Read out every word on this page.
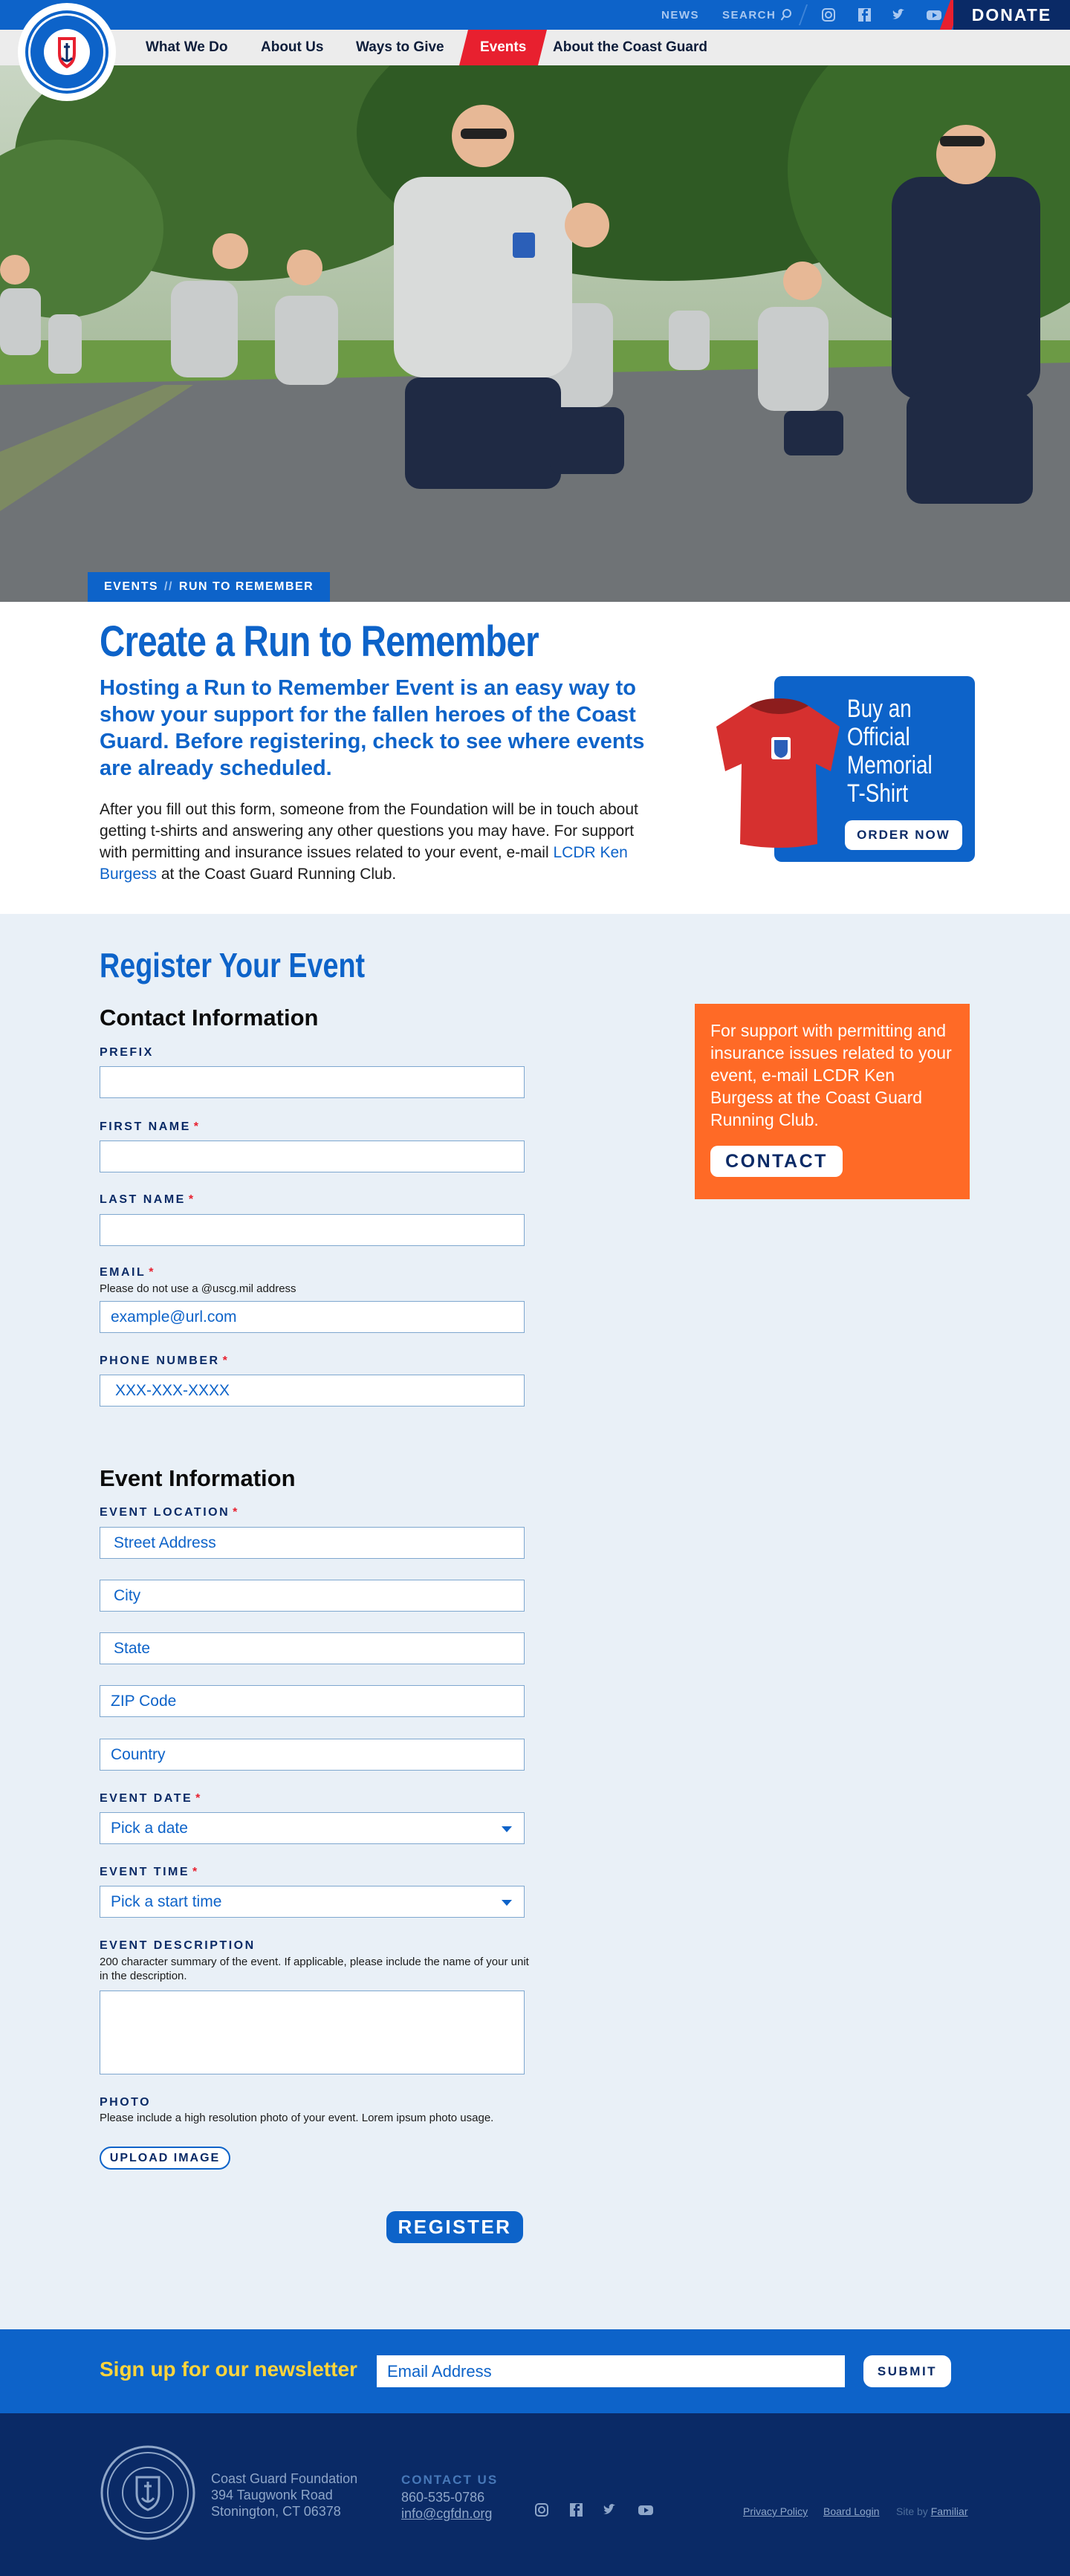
NEWS SEARCH	DONATE
What We Do About Us Ways to Give	Events About the Coast Guard
EVENTS // RUN TO REMEMBER
Create a Run to Remember

Hosting a Run to Remember Event is an easy way to show your support for the fallen heroes of the Coast Guard. Before registering, check to see where events are already scheduled.

After you fill out this form, someone from the Foundation will be in touch about getting t-shirts and answering any other questions you may have. For support with permitting and insurance issues related to your event, e-mail LCDR Ken Burgess at the Coast Guard Running Club.

Buy an Official Memorial T-Shirt
ORDER NOW
Register Your Event
Contact Information
PREFIX
FIRST NAME *
LAST NAME *
EMAIL *
Please do not use a @uscg.mil address
example@url.com
PHONE NUMBER *
XXX-XXX-XXXX
Event Information
EVENT LOCATION *
Street Address
City
State
ZIP Code
Country
EVENT DATE *
Pick a date
EVENT TIME *
Pick a start time
EVENT DESCRIPTION
200 character summary of the event. If applicable, please include the name of your unit in the description.
PHOTO
Please include a high resolution photo of your event. Lorem ipsum photo usage.
UPLOAD IMAGE
REGISTER
For support with permitting and insurance issues related to your event, e-mail LCDR Ken Burgess at the Coast Guard Running Club.
CONTACT
Sign up for our newsletter	Email Address	SUBMIT
Coast Guard Foundation
394 Taugwonk Road
Stonington, CT 06378
CONTACT US
860-535-0786
info@cgfdn.org	Privacy Policy Board Login Site by Familiar
